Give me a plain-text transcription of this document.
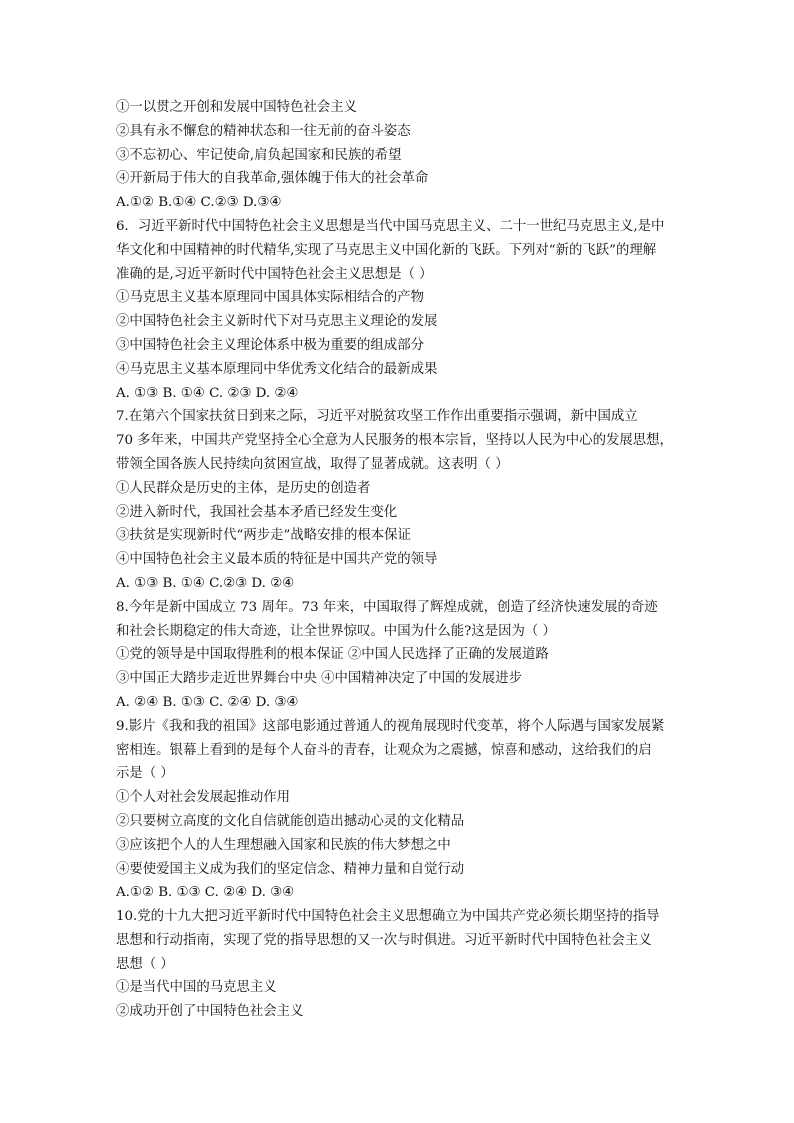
①一以贯之开创和发展中国特色社会主义
②具有永不懈怠的精神状态和一往无前的奋斗姿态
③不忘初心、牢记使命,肩负起国家和民族的希望
④开新局于伟大的自我革命,强体魄于伟大的社会革命
A.①② B.①④ C.②③ D.③④
6．习近平新时代中国特色社会主义思想是当代中国马克思主义、二十一世纪马克思主义,是中
华文化和中国精神的时代精华,实现了马克思主义中国化新的飞跃。下列对“新的飞跃”的理解
准确的是,习近平新时代中国特色社会主义思想是（ ）
①马克思主义基本原理同中国具体实际相结合的产物
②中国特色社会主义新时代下对马克思主义理论的发展
③中国特色社会主义理论体系中极为重要的组成部分
④马克思主义基本原理同中华优秀文化结合的最新成果
A. ①③ B. ①④ C. ②③ D. ②④
7.在第六个国家扶贫日到来之际，习近平对脱贫攻坚工作作出重要指示强调，新中国成立
70 多年来，中国共产党坚持全心全意为人民服务的根本宗旨，坚持以人民为中心的发展思想，
带领全国各族人民持续向贫困宣战，取得了显著成就。这表明（ ）
①人民群众是历史的主体，是历史的创造者
②进入新时代，我国社会基本矛盾已经发生变化
③扶贫是实现新时代“两步走”战略安排的根本保证
④中国特色社会主义最本质的特征是中国共产党的领导
A. ①③ B. ①④ C.②③ D. ②④
8.今年是新中国成立 73 周年。73 年来，中国取得了辉煌成就，创造了经济快速发展的奇迹
和社会长期稳定的伟大奇迹，让全世界惊叹。中国为什么能?这是因为（ ）
①党的领导是中国取得胜利的根本保证 ②中国人民选择了正确的发展道路
③中国正大踏步走近世界舞台中央 ④中国精神决定了中国的发展进步
A. ②④ B. ①③ C. ②④ D. ③④
9.影片《我和我的祖国》这部电影通过普通人的视角展现时代变革，将个人际遇与国家发展紧
密相连。银幕上看到的是每个人奋斗的青春，让观众为之震撼，惊喜和感动，这给我们的启
示是（ ）
①个人对社会发展起推动作用
②只要树立高度的文化自信就能创造出撼动心灵的文化精品
③应该把个人的人生理想融入国家和民族的伟大梦想之中
④要使爱国主义成为我们的坚定信念、精神力量和自觉行动
A.①② B. ①③ C. ②④ D. ③④
10.党的十九大把习近平新时代中国特色社会主义思想确立为中国共产党必须长期坚持的指导
思想和行动指南，实现了党的指导思想的又一次与时俱进。习近平新时代中国特色社会主义
思想（ ）
①是当代中国的马克思主义
②成功开创了中国特色社会主义
